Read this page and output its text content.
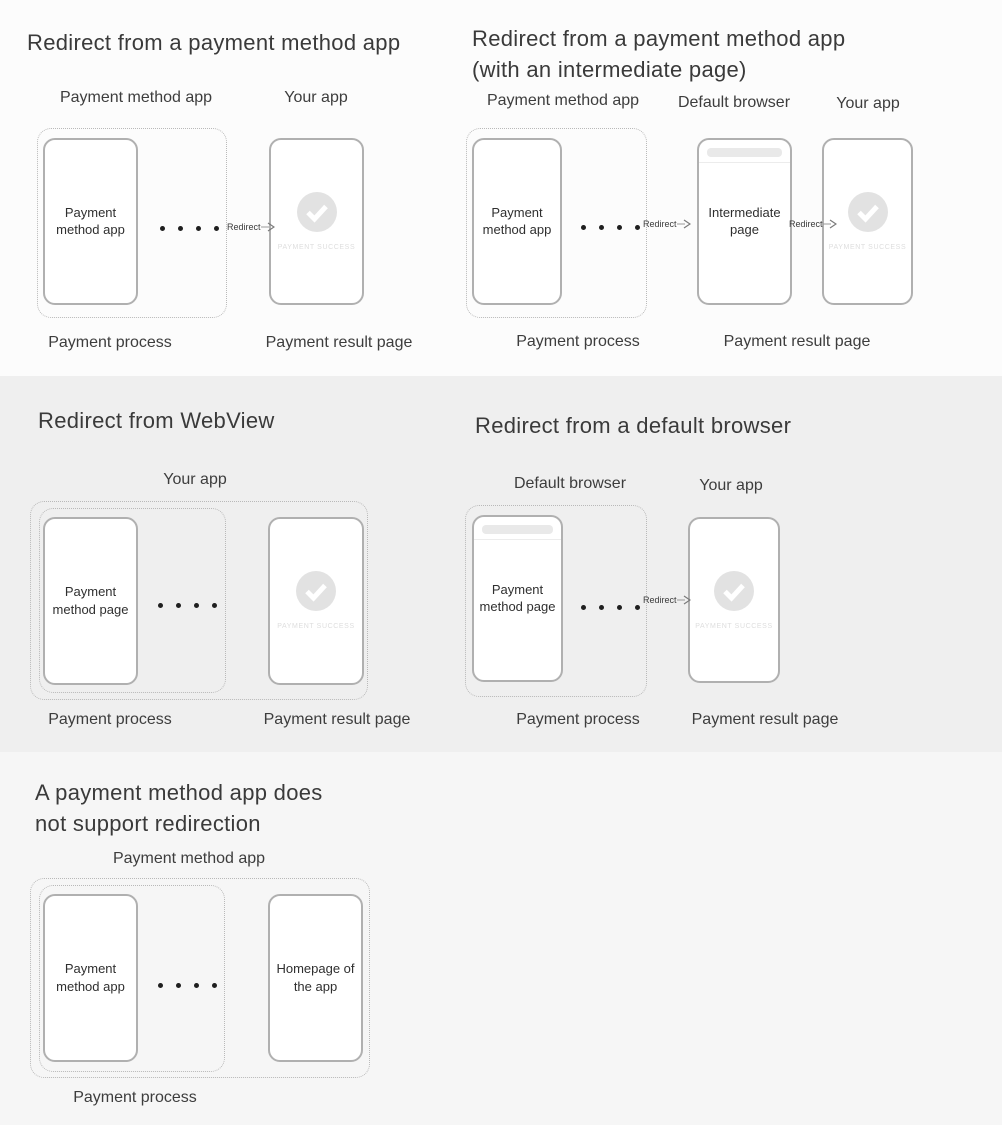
Redirect from a payment method app
Payment method app	Your app
Payment method app	Redirect
PAYMENT SUCCESS
Payment process	Payment result page
Redirect from a payment method app
(with an intermediate page)
Payment method app Default browser	Your app
Payment method app	Redirect
Intermediate page	Redirect
PAYMENT SUCCESS
Payment process	Payment result page
Redirect from WebView
Your app
Payment method page
PAYMENT SUCCESS
Payment process	Payment result page
Redirect from a default browser
Default browser	Your app
Payment method page	Redirect
PAYMENT SUCCESS
Payment process	Payment result page
A payment method app does
not support redirection
Payment method app
Payment method app
Homepage of the app
Payment process
